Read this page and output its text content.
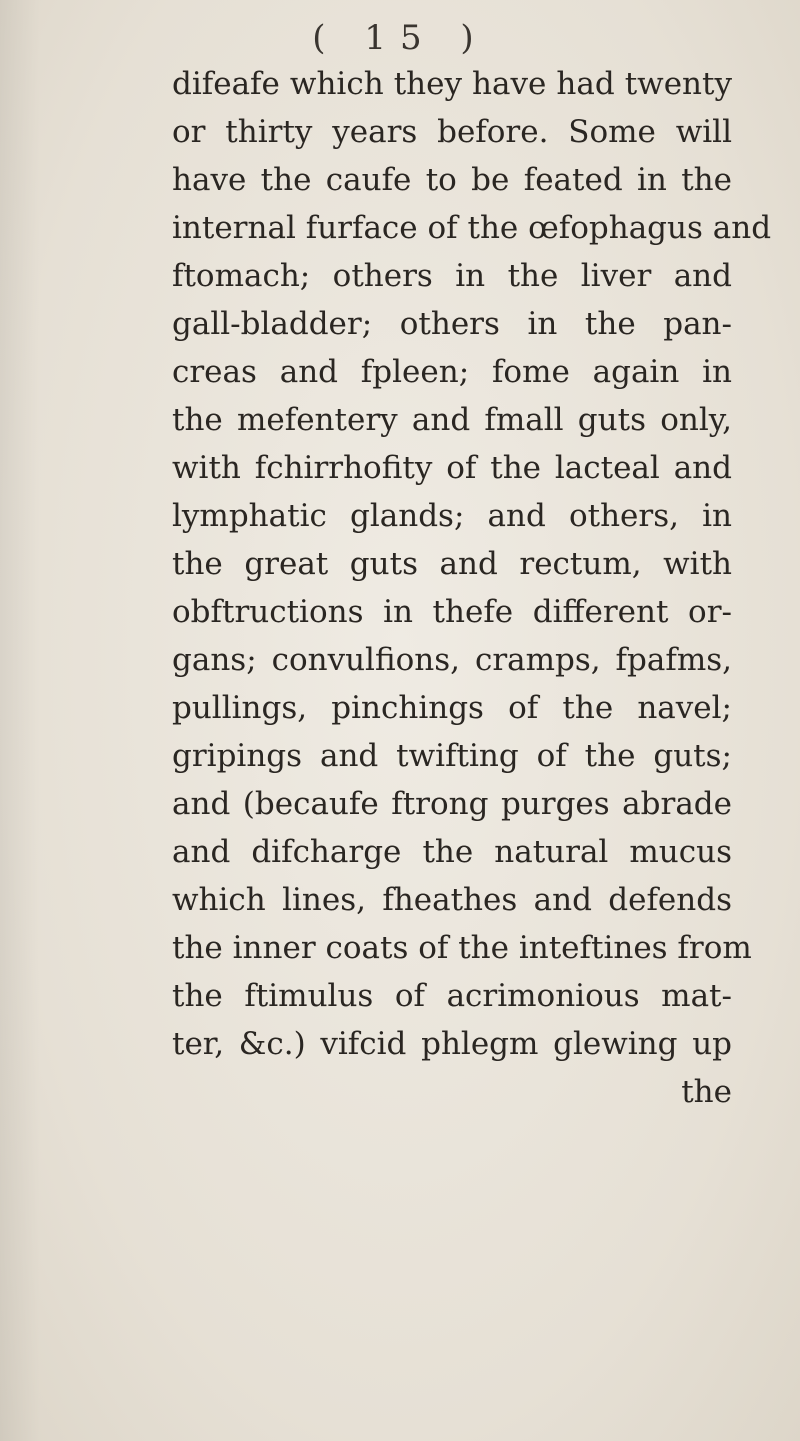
( 15 )
difeafe which they have had twenty
or thirty years before. Some will
have the caufe to be feated in the
internal furface of the œfophagus and
ftomach; others in the liver and
gall-bladder; others in the pan-
creas and fpleen; fome again in
the mefentery and fmall guts only,
with fchirrhofity of the lacteal and
lymphatic glands; and others, in
the great guts and rectum, with
obftructions in thefe different or-
gans; convulfions, cramps, fpafms,
pullings, pinchings of the navel;
gripings and twifting of the guts;
and (becaufe ftrong purges abrade
and difcharge the natural mucus
which lines, fheathes and defends
the inner coats of the inteftines from
the ftimulus of acrimonious mat-
ter, &c.) vifcid phlegm glewing up
the
